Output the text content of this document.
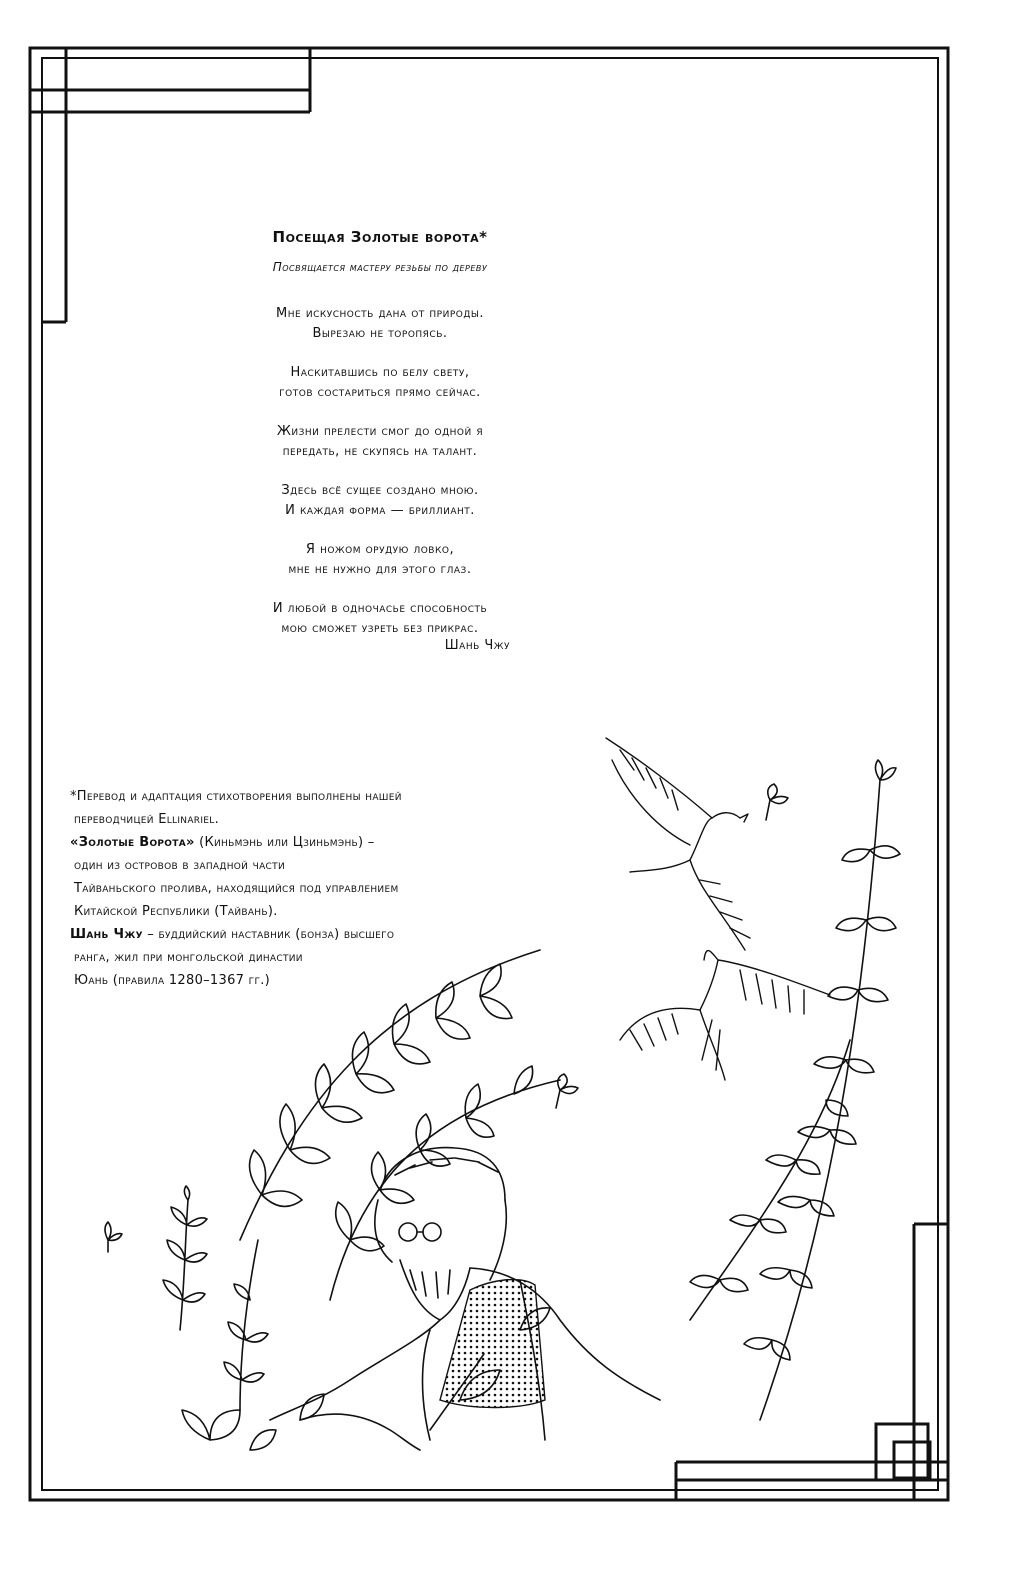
Посещая Золотые ворота*

Посвящается мастеру резьбы по дереву

Мне искусность дана от природы.
Вырезаю не торопясь.
Наскитавшись по белу свету,
готов состариться прямо сейчас.
Жизни прелести смог до одной я
передать, не скупясь на талант.
Здесь всё сущее создано мною.
И каждая форма — бриллиант.
Я ножом орудую ловко,
мне не нужно для этого глаз.
И любой в одночасье способность
мою сможет узреть без прикрас.
Шань Чжу
*Перевод и адаптация стихотворения выполнены нашей
переводчицей Ellinariel.
«Золотые Ворота» (Киньмэнь или Цзиньмэнь) –
один из островов в западной части
Тайваньского пролива, находящийся под управлением
Китайской Республики (Тайвань).
Шань Чжу – буддийский наставник (бонза) высшего
ранга, жил при монгольской династии
Юань (правила 1280–1367 гг.)
